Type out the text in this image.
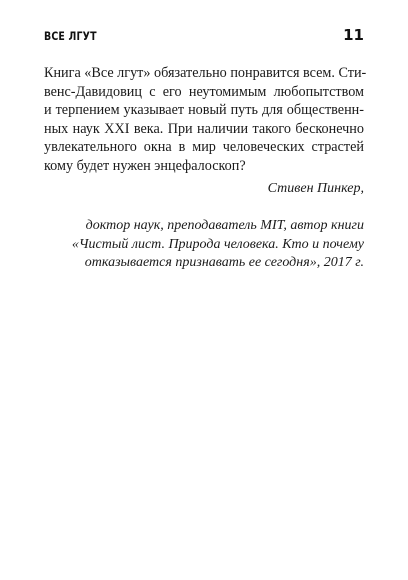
ВСЕ ЛГУТ	11
Книга «Все лгут» обязательно понравится всем. Сти-
венс-Давидовиц с его неутомимым любопытством
и терпением указывает новый путь для общественн-
ных наук XXI века. При наличии такого бесконечно
увлекательного окна в мир человеческих страстей
кому будет нужен энцефалоскоп?
Стивен Пинкер,
доктор наук, преподаватель MIT, автор книги
«Чистый лист. Природа человека. Кто и почему
отказывается признавать ее сегодня», 2017 г.
